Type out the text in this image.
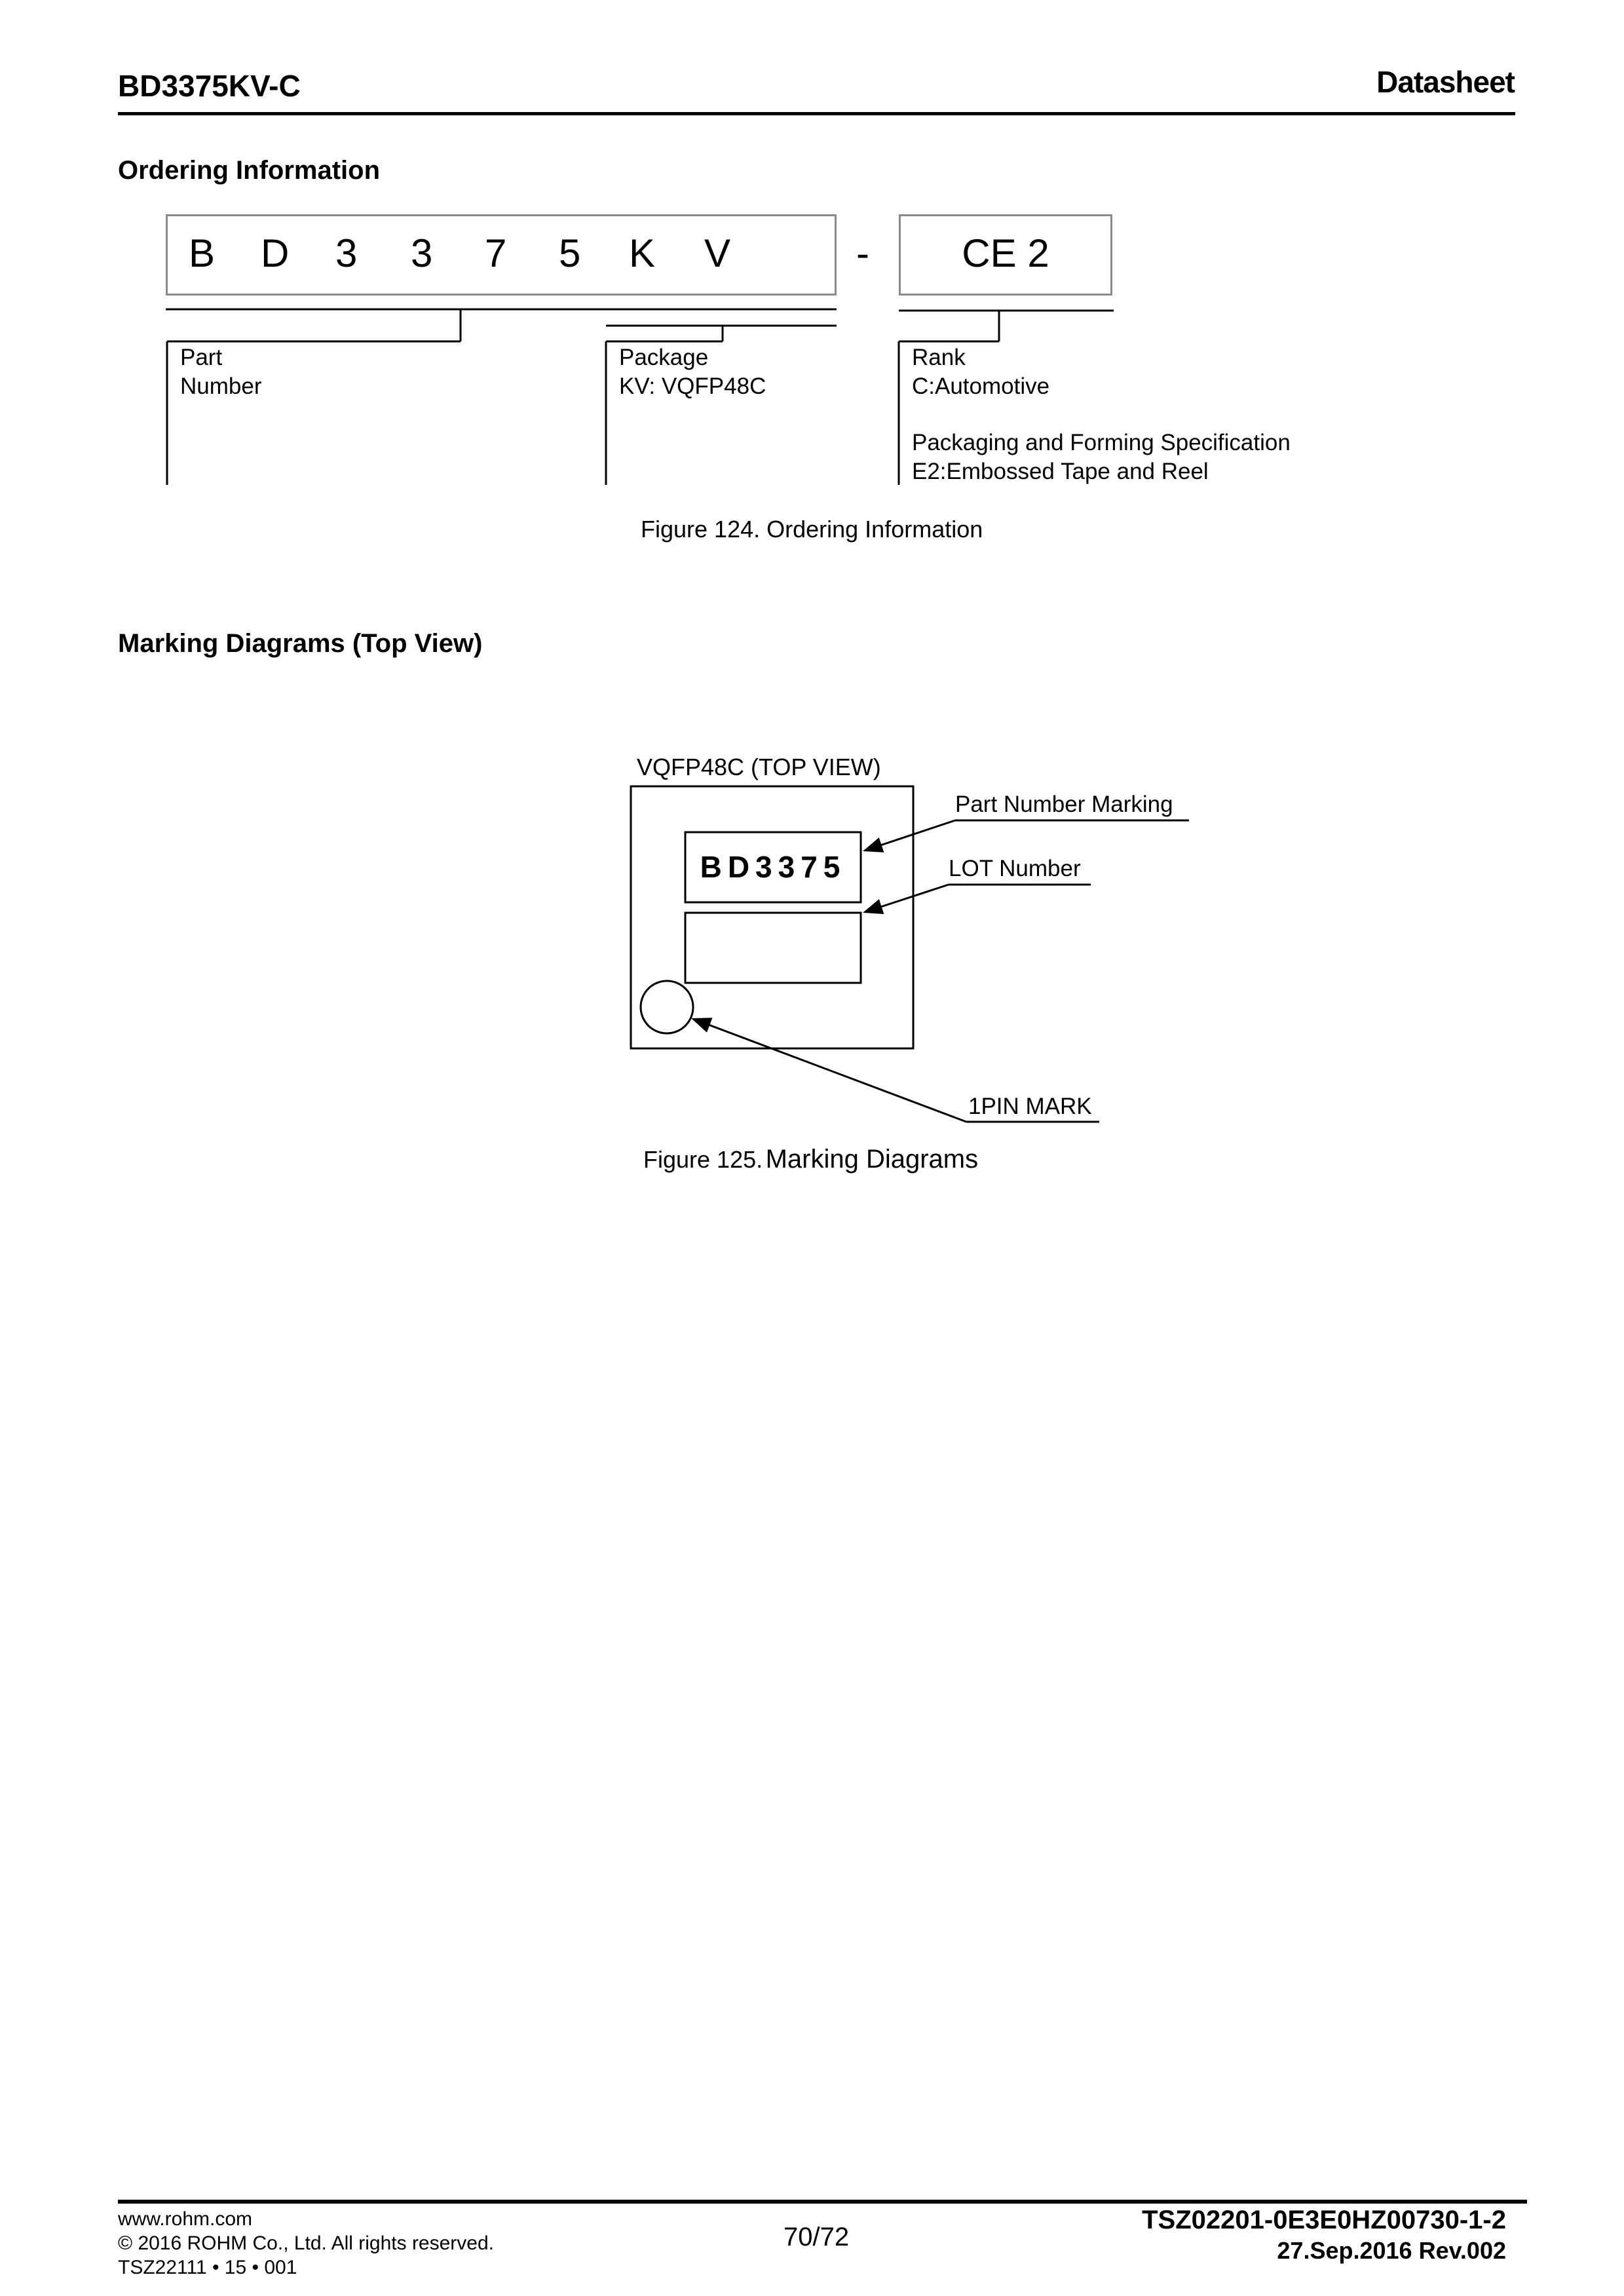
BD3375KV-C	Datasheet
Ordering Information
B D 3 3 7 5 K V	-	CE 2
Part
Number
Package
KV: VQFP48C
Rank
C:Automotive
Packaging and Forming Specification
E2:Embossed Tape and Reel
Figure 124. Ordering Information
Marking Diagrams (Top View)
VQFP48C (TOP VIEW)
BD3375
Part Number Marking
LOT Number
1PIN MARK
Figure 125. Marking Diagrams
www.rohm.com
© 2016 ROHM Co., Ltd. All rights reserved.
TSZ22111 • 15 • 001
70/72
TSZ02201-0E3E0HZ00730-1-2
27.Sep.2016 Rev.002
